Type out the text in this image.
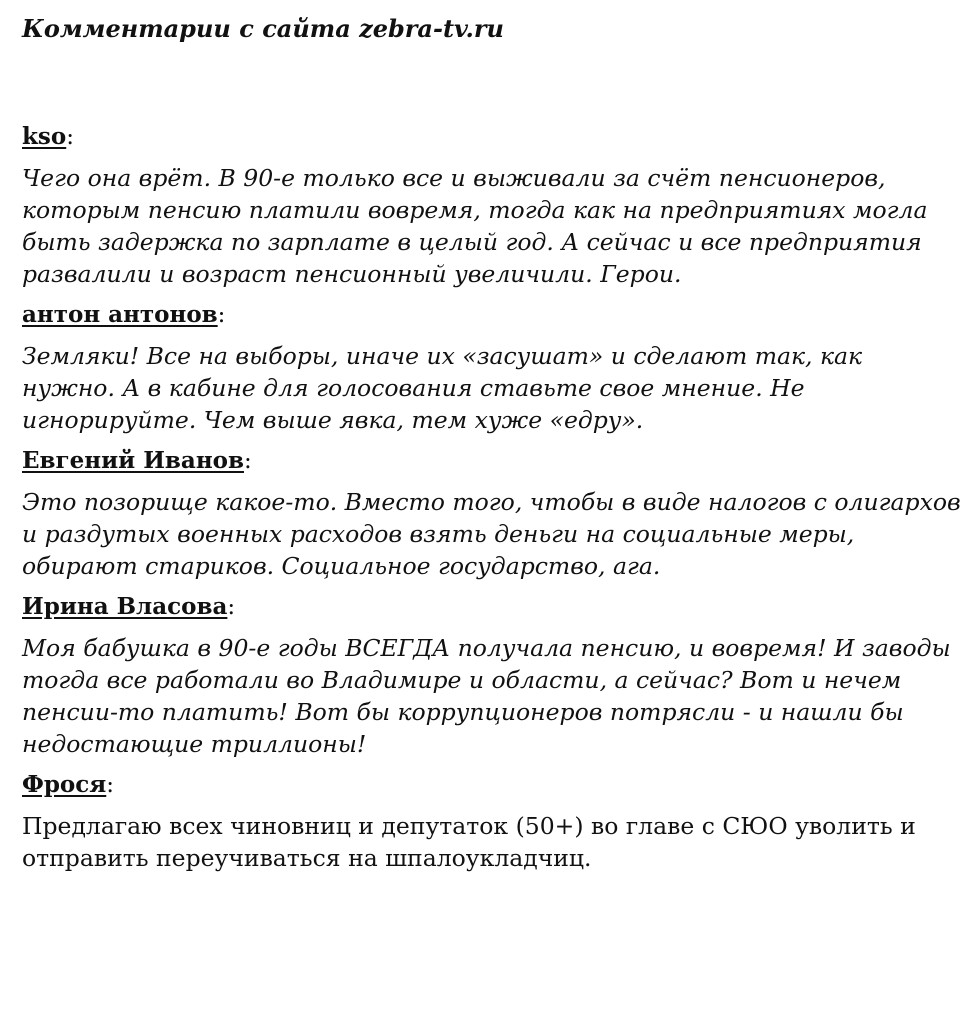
Комментарии с сайта zebra-tv.ru

kso:

Чего она врёт. В 90-е только все и выживали за счёт пенсионеров, которым пенсию платили вовремя, тогда как на предприятиях могла быть задержка по зарплате в целый год. А сейчас и все предприятия развалили и возраст пенсионный увеличили. Герои.

антон антонов:

Земляки! Все на выборы, иначе их «засушат» и сделают так, как нужно. А в кабине для голосования ставьте свое мнение. Не игнорируйте. Чем выше явка, тем хуже «едру».

Евгений Иванов:

Это позорище какое-то. Вместо того, чтобы в виде налогов с олигархов и раздутых военных расходов взять деньги на социальные меры, обирают стариков. Социальное государство, ага.

Ирина Власова:

Моя бабушка в 90-е годы ВСЕГДА получала пенсию, и вовремя! И заводы тогда все работали во Владимире и области, а сейчас? Вот и нечем пенсии-то платить! Вот бы коррупционеров потрясли - и нашли бы недостающие триллионы!

Фрося:

Предлагаю всех чиновниц и депутаток (50+) во главе с СЮО уволить и отправить переучиваться на шпалоукладчиц.
